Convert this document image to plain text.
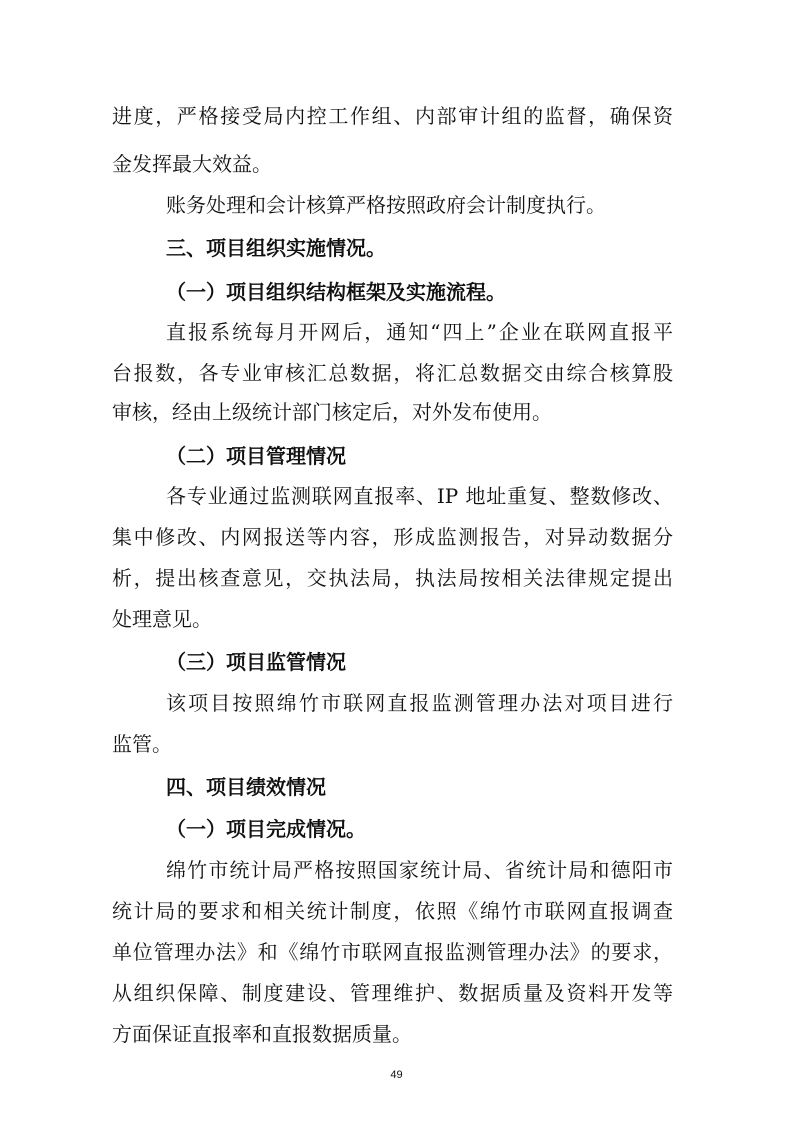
进度，严格接受局内控工作组、内部审计组的监督，确保资

金发挥最大效益。

账务处理和会计核算严格按照政府会计制度执行。

三、项目组织实施情况。

（一）项目组织结构框架及实施流程。

直报系统每月开网后，通知“四上”企业在联网直报平

台报数，各专业审核汇总数据，将汇总数据交由综合核算股

审核，经由上级统计部门核定后，对外发布使用。

（二）项目管理情况

各专业通过监测联网直报率、IP 地址重复、整数修改、

集中修改、内网报送等内容，形成监测报告，对异动数据分

析，提出核查意见，交执法局，执法局按相关法律规定提出

处理意见。

（三）项目监管情况

该项目按照绵竹市联网直报监测管理办法对项目进行

监管。

四、项目绩效情况

（一）项目完成情况。

绵竹市统计局严格按照国家统计局、省统计局和德阳市

统计局的要求和相关统计制度，依照《绵竹市联网直报调查

单位管理办法》和《绵竹市联网直报监测管理办法》的要求，

从组织保障、制度建设、管理维护、数据质量及资料开发等

方面保证直报率和直报数据质量。

49
